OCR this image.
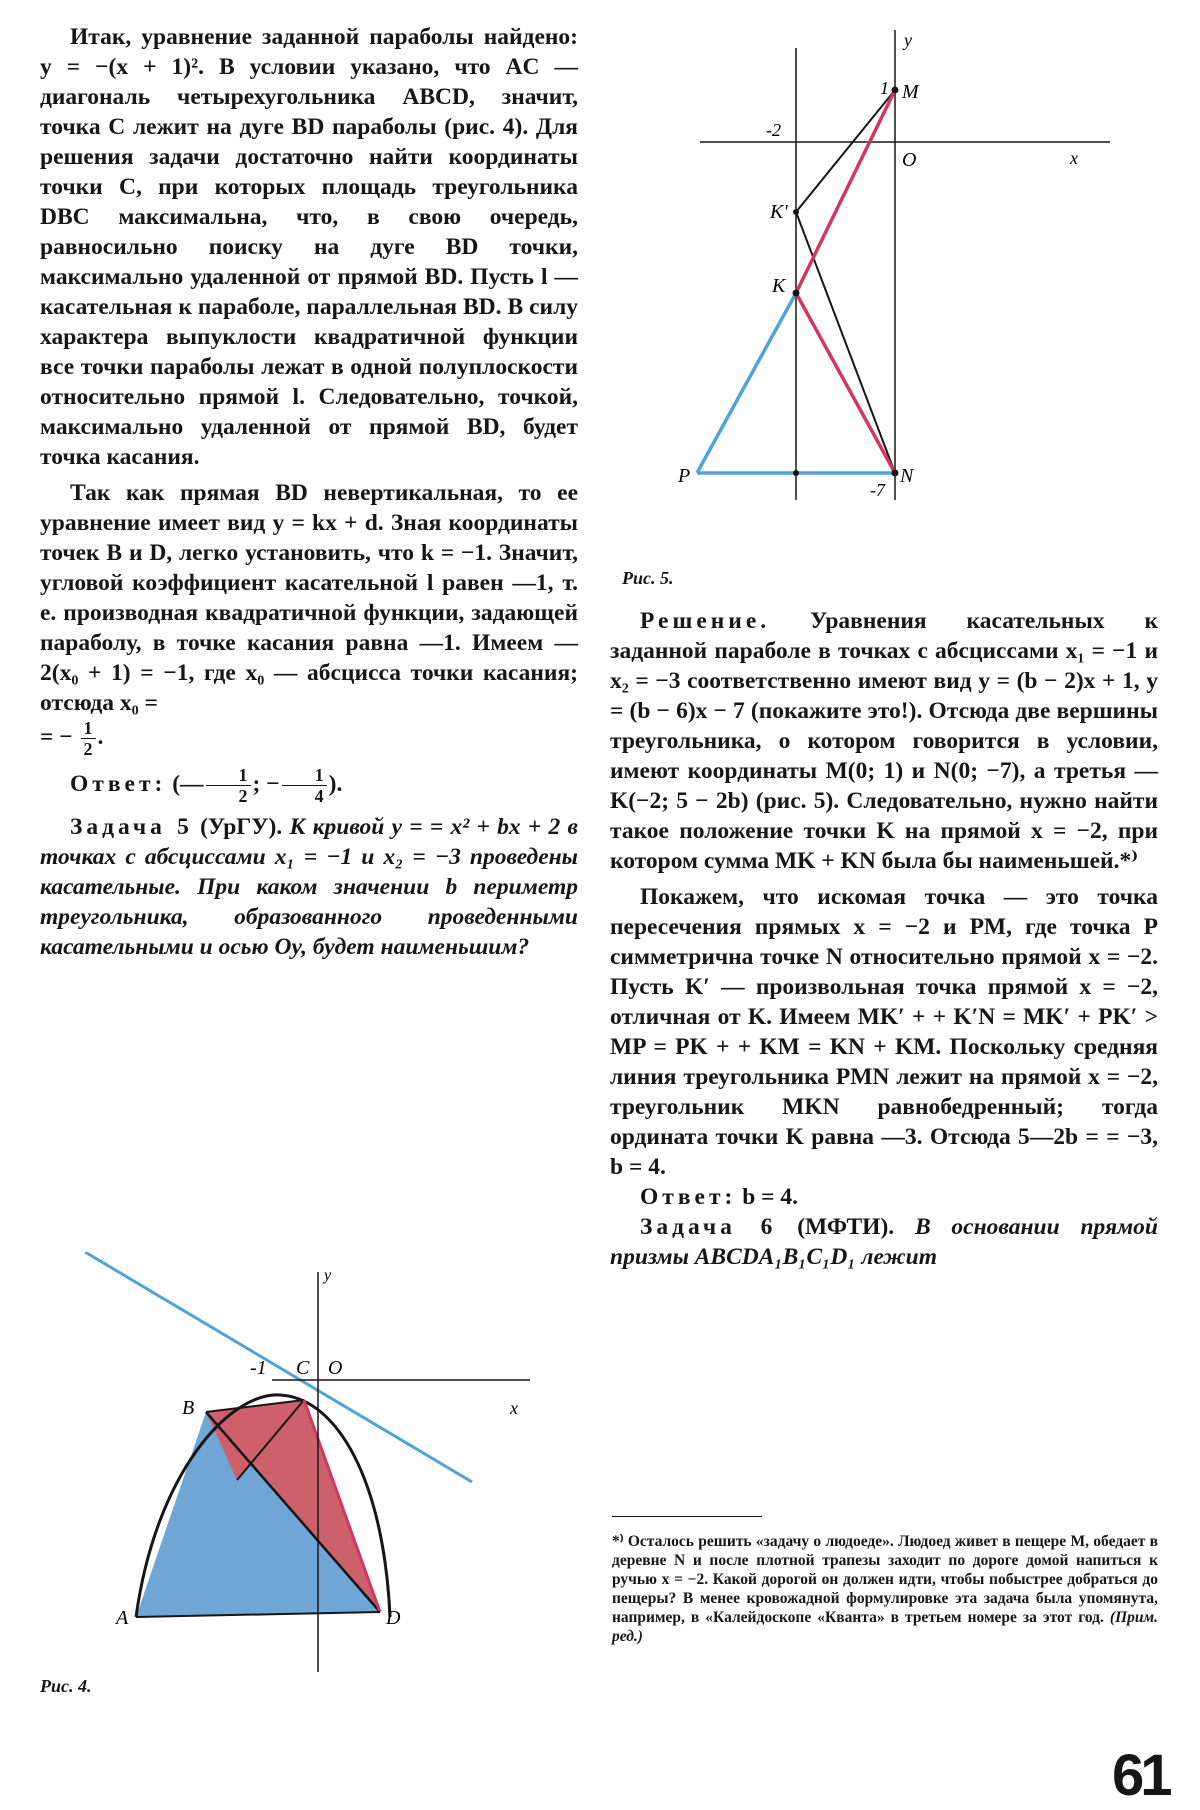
Итак, уравнение заданной параболы найдено: y = −(x + 1)². В условии указано, что AC — диагональ четырехугольника ABCD, значит, точка C лежит на дуге BD параболы (рис. 4). Для решения задачи достаточно найти координаты точки C, при которых площадь треугольника DBC максимальна, что, в свою очередь, равносильно поиску на дуге BD точки, максимально удаленной от прямой BD. Пусть l — касательная к параболе, параллельная BD. В силу характера выпуклости квадратичной функции все точки параболы лежат в одной полуплоскости относительно прямой l. Следовательно, точкой, максимально удаленной от прямой BD, будет точка касания.

Так как прямая BD невертикальная, то ее уравнение имеет вид y = kx + d. Зная координаты точек B и D, легко установить, что k = −1. Значит, угловой коэффициент касательной l равен —1, т. е. производная квадратичной функции, задающей параболу, в точке касания равна —1. Имеем —2(x₀ + 1) = −1, где x₀ — абсцисса точки касания; отсюда x₀ =

= − $\frac{1}{2}$ .

Ответ: (— $\frac{1}{2}$ ; − $\frac{1}{4}$ ).

Задача 5 (УрГУ). К кривой y = = x² + bx + 2 в точках с абсциссами x₁ = −1 и x₂ = −3 проведены касательные. При каком значении b периметр треугольника, образованного проведенными касательными и осью Oy, будет наименьшим?

y
x
-1 C O
B
A	D
Рис. 4.
y
x
1 M
-2
O
K'
K
P	N
-7
Рис. 5.

Решение. Уравнения касательных к заданной параболе в точках с абсциссами x₁ = −1 и x₂ = −3 соответственно имеют вид y = (b − 2)x + 1, y = (b − 6)x − 7 (покажите это!). Отсюда две вершины треугольника, о котором говорится в условии, имеют координаты M(0; 1) и N(0; −7), а третья — K(−2; 5 − 2b) (рис. 5). Следовательно, нужно найти такое положение точки K на прямой x = −2, при котором сумма MK + KN была бы наименьшей.*⁾

Покажем, что искомая точка — это точка пересечения прямых x = −2 и PM, где точка P симметрична точке N относительно прямой x = −2. Пусть K′ — произвольная точка прямой x = −2, отличная от K. Имеем MK′ + + K′N = MK′ + PK′ > MP = PK + + KM = KN + KM. Поскольку средняя линия треугольника PMN лежит на прямой x = −2, треугольник MKN равнобедренный; тогда ордината точки K равна —3. Отсюда 5—2b = = −3, b = 4.

Ответ: b = 4.

Задача 6 (МФТИ). В основании прямой призмы ABCDA₁B₁C₁D₁ лежит

*⁾ Осталось решить «задачу о людоеде». Людоед живет в пещере M, обедает в деревне N и после плотной трапезы заходит по дороге домой напиться к ручью x = −2. Какой дорогой он должен идти, чтобы побыстрее добраться до пещеры? В менее кровожадной формулировке эта задача была упомянута, например, в «Калейдоскопе «Кванта» в третьем номере за этот год. (Прим. ред.)
61
